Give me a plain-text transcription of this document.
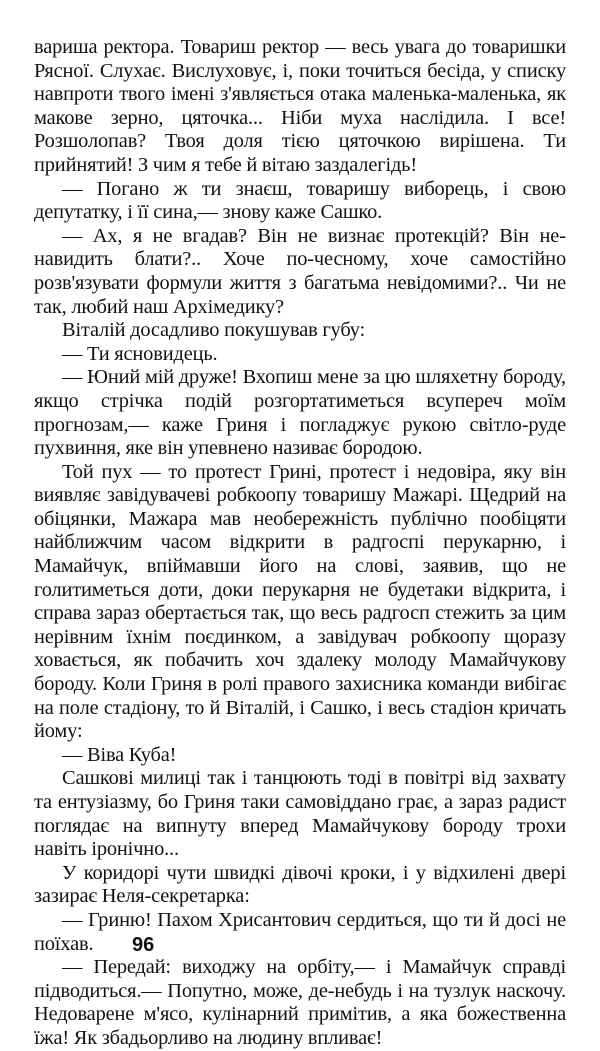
вариша ректора. Товариш ректор — весь увага до товаришки Рясної. Слухає. Вислуховує, і, поки точиться бесіда, у списку навпроти твого імені з'являється отака маленька-маленька, як макове зерно, цяточка... Ніби муха наслідила. І все! Розшолопав? Твоя доля тією цяточкою вирішена. Ти прийнятий! З чим я тебе й вітаю заздалегідь!

— Погано ж ти знаєш, товаришу виборець, і свою депутатку, і її сина,— знову каже Сашко.

— Ах, я не вгадав? Він не визнає протекцій? Він ненавидить блати?.. Хоче по-чесному, хоче самостійно розв'язувати формули життя з багатьма невідомими?.. Чи не так, любий наш Архімедику?

Віталій досадливо покушував губу:

— Ти ясновидець.

— Юний мій друже! Вхопиш мене за цю шляхетну бороду, якщо стрічка подій розгортатиметься всупереч моїм прогнозам,— каже Гриня і погладжує рукою світло-руде пухвиння, яке він упевнено називає бородою.

Той пух — то протест Грині, протест і недовіра, яку він виявляє завідувачеві робкоопу товаришу Мажарі. Щедрий на обіцянки, Мажара мав необережність публічно пообіцяти найближчим часом відкрити в радгоспі перукарню, і Мамайчук, впіймавши його на слові, заявив, що не голитиметься доти, доки перукарня не будетаки відкрита, і справа зараз обертається так, що весь радгосп стежить за цим нерівним їхнім поєдинком, а завідувач робкоопу щоразу ховається, як побачить хоч здалеку молоду Мамайчукову бороду. Коли Гриня в ролі правого захисника команди вибігає на поле стадіону, то й Віталій, і Сашко, і весь стадіон кричать йому:

— Віва Куба!

Сашкові милиці так і танцюють тоді в повітрі від захвату та ентузіазму, бо Гриня таки самовіддано грає, а зараз радист поглядає на випнуту вперед Мамайчукову бороду трохи навіть іронічно...

У коридорі чути швидкі дівочі кроки, і у відхилені двері зазирає Неля-секретарка:

— Гриню! Пахом Хрисантович сердиться, що ти й досі не поїхав.

— Передай: виходжу на орбіту,— і Мамайчук справді підводиться.— Попутно, може, де-небудь і на тузлук наскочу. Недоварене м'ясо, кулінарний примітив, а яка божественна їжа! Як збадьорливо на людину впливає!

96
